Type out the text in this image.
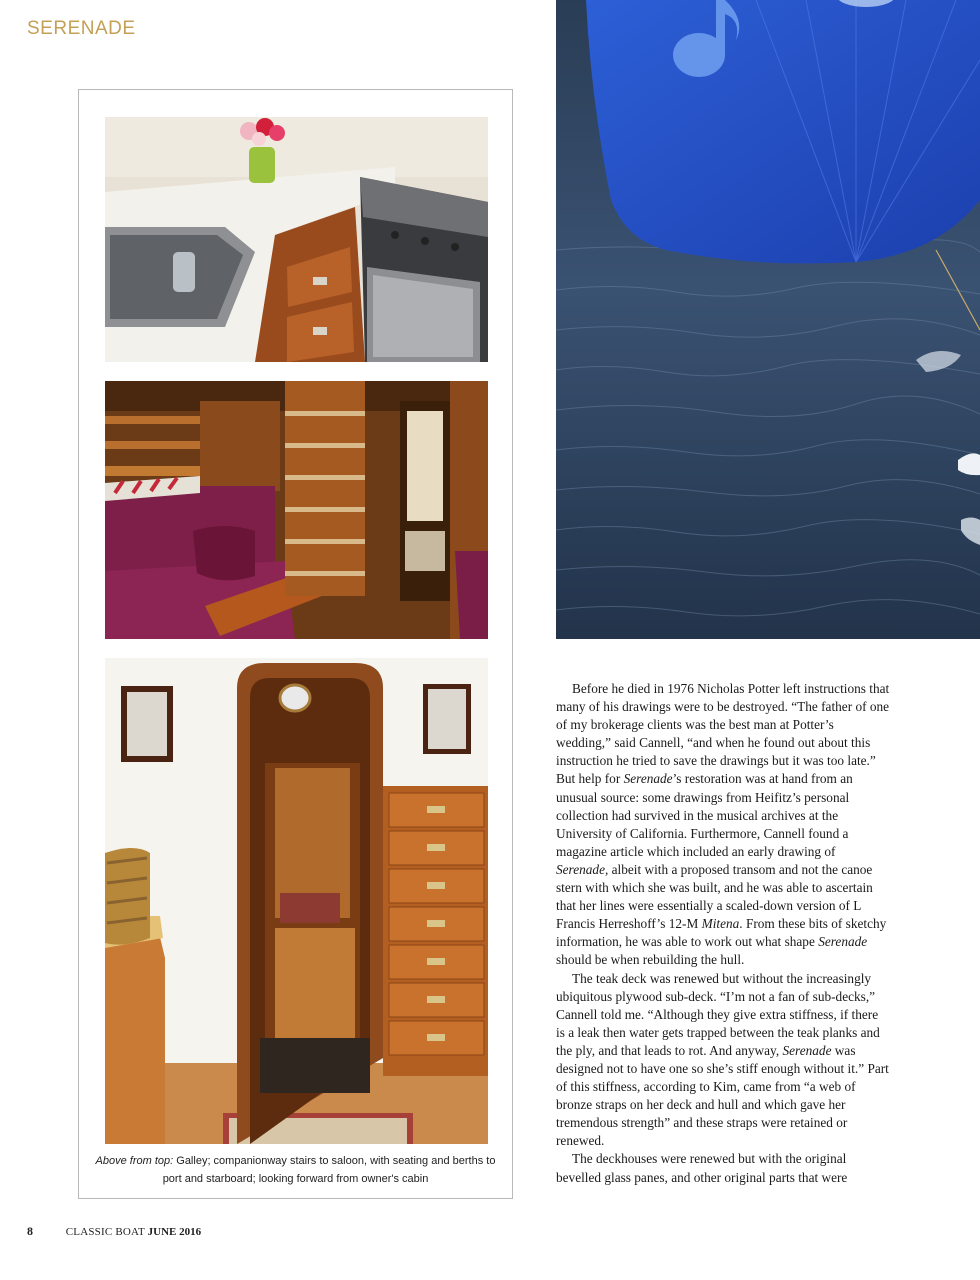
SERENADE
Above from top: Galley; companionway stairs to saloon, with seating and berths to port and starboard; looking forward from owner's cabin

Before he died in 1976 Nicholas Potter left instructions that many of his drawings were to be destroyed. “The father of one of my brokerage clients was the best man at Potter’s wedding,” said Cannell, “and when he found out about this instruction he tried to save the drawings but it was too late.” But help for Serenade’s restoration was at hand from an unusual source: some drawings from Heifitz’s personal collection had survived in the musical archives at the University of California. Furthermore, Cannell found a magazine article which included an early drawing of Serenade, albeit with a proposed transom and not the canoe stern with which she was built, and he was able to ascertain that her lines were essentially a scaled-down version of L Francis Herreshoff’s 12-M Mitena. From these bits of sketchy information, he was able to work out what shape Serenade should be when rebuilding the hull.

The teak deck was renewed but without the increasingly ubiquitous plywood sub-deck. “I’m not a fan of sub-decks,” Cannell told me. “Although they give extra stiffness, if there is a leak then water gets trapped between the teak planks and the ply, and that leads to rot. And anyway, Serenade was designed not to have one so she’s stiff enough without it.” Part of this stiffness, according to Kim, came from “a web of bronze straps on her deck and hull and which gave her tremendous strength” and these straps were retained or renewed.

The deckhouses were renewed but with the original bevelled glass panes, and other original parts that were

8	CLASSIC BOAT JUNE 2016
